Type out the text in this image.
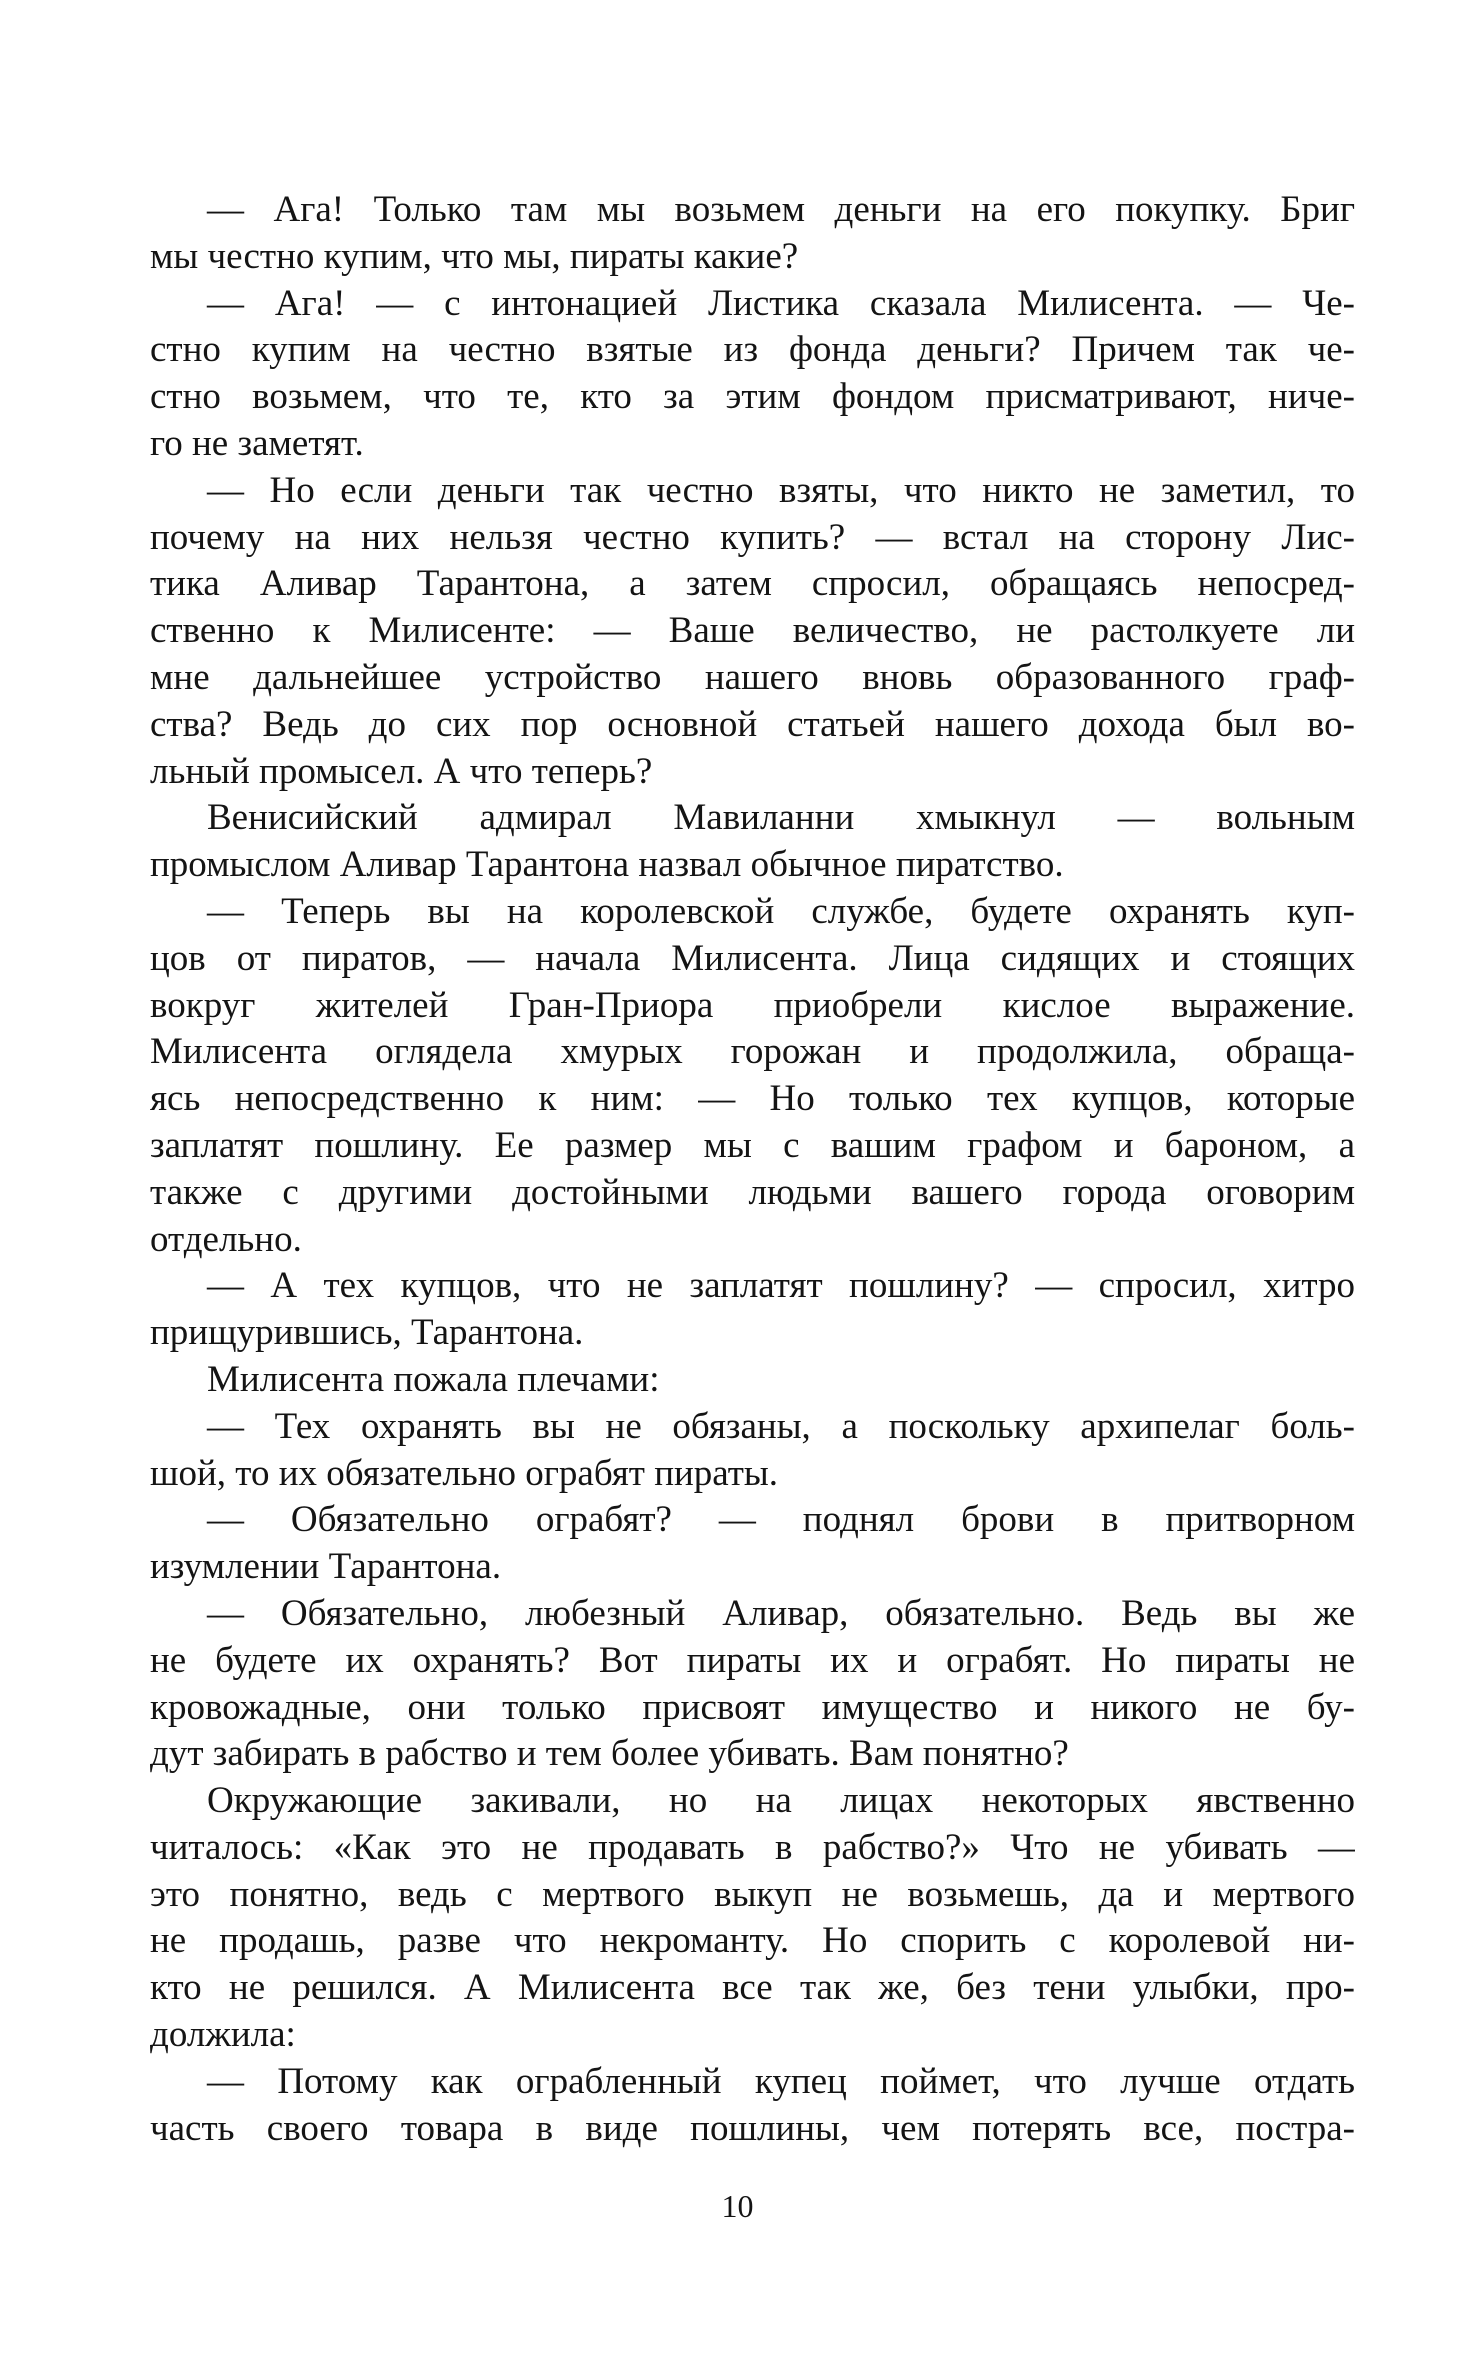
— Ага! Только там мы возьмем деньги на его покупку. Бриг
мы честно купим, что мы, пираты какие?
— Ага! — с интонацией Листика сказала Милисента. — Че-
стно купим на честно взятые из фонда деньги? Причем так че-
стно возьмем, что те, кто за этим фондом присматривают, ниче-
го не заметят.
— Но если деньги так честно взяты, что никто не заметил, то
почему на них нельзя честно купить? — встал на сторону Лис-
тика Аливар Тарантона, а затем спросил, обращаясь непосред-
ственно к Милисенте: — Ваше величество, не растолкуете ли
мне дальнейшее устройство нашего вновь образованного граф-
ства? Ведь до сих пор основной статьей нашего дохода был во-
льный промысел. А что теперь?
Венисийский адмирал Мавиланни хмыкнул — вольным
промыслом Аливар Тарантона назвал обычное пиратство.
— Теперь вы на королевской службе, будете охранять куп-
цов от пиратов, — начала Милисента. Лица сидящих и стоящих
вокруг жителей Гран-Приора приобрели кислое выражение.
Милисента оглядела хмурых горожан и продолжила, обраща-
ясь непосредственно к ним: — Но только тех купцов, которые
заплатят пошлину. Ее размер мы с вашим графом и бароном, а
также с другими достойными людьми вашего города оговорим
отдельно.
— А тех купцов, что не заплатят пошлину? — спросил, хитро
прищурившись, Тарантона.
Милисента пожала плечами:
— Тех охранять вы не обязаны, а поскольку архипелаг боль-
шой, то их обязательно ограбят пираты.
— Обязательно ограбят? — поднял брови в притворном
изумлении Тарантона.
— Обязательно, любезный Аливар, обязательно. Ведь вы же
не будете их охранять? Вот пираты их и ограбят. Но пираты не
кровожадные, они только присвоят имущество и никого не бу-
дут забирать в рабство и тем более убивать. Вам понятно?
Окружающие закивали, но на лицах некоторых явственно
читалось: «Как это не продавать в рабство?» Что не убивать —
это понятно, ведь с мертвого выкуп не возьмешь, да и мертвого
не продашь, разве что некроманту. Но спорить с королевой ни-
кто не решился. А Милисента все так же, без тени улыбки, про-
должила:
— Потому как ограбленный купец поймет, что лучше отдать
часть своего товара в виде пошлины, чем потерять все, постра-
10
